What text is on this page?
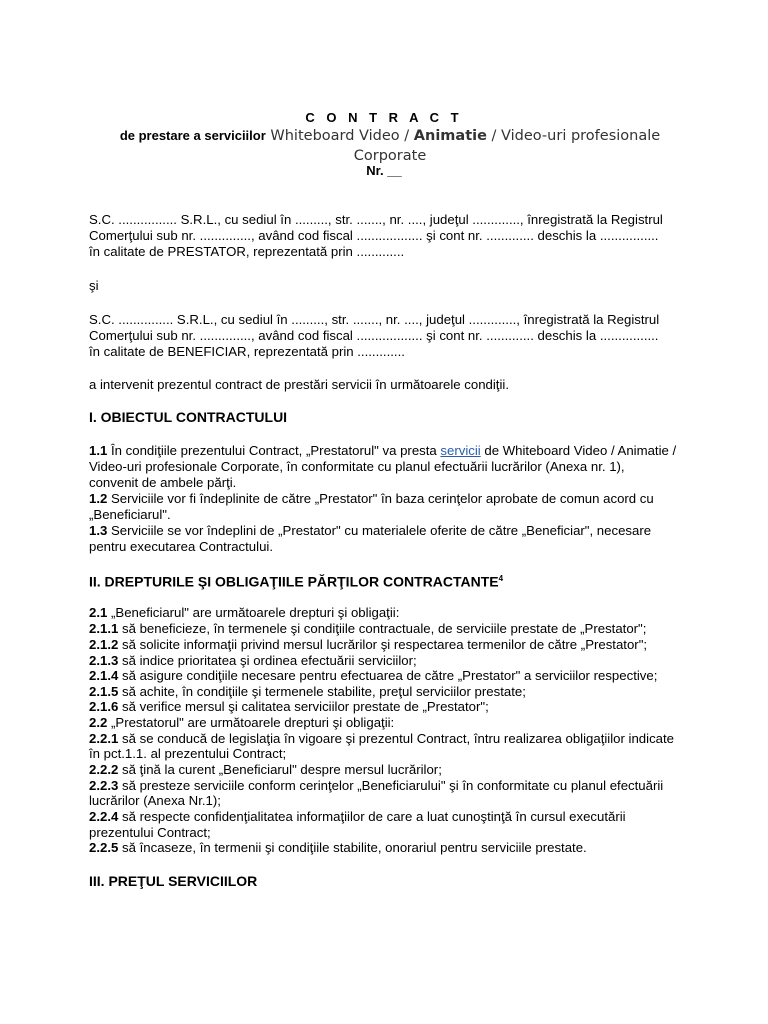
C O N T R A C T
de prestare a serviciilor Whiteboard Video / Animatie / Video-uri profesionale
Corporate
Nr. __
S.C. ................ S.R.L., cu sediul în ........., str. ......., nr. ...., judeţul ............., înregistrată la Registrul
Comerţului sub nr. .............., având cod fiscal .................. şi cont nr. ............. deschis la ................
în calitate de PRESTATOR, reprezentată prin .............
şi
S.C. ............... S.R.L., cu sediul în ........., str. ......., nr. ...., judeţul ............., înregistrată la Registrul
Comerţului sub nr. .............., având cod fiscal .................. şi cont nr. ............. deschis la ................
în calitate de BENEFICIAR, reprezentată prin .............
a intervenit prezentul contract de prestări servicii în următoarele condiţii.
I. OBIECTUL CONTRACTULUI
1.1 În condiţiile prezentului Contract, „Prestatorul" va presta servicii de Whiteboard Video / Animatie /
Video-uri profesionale Corporate, în conformitate cu planul efectuării lucrărilor (Anexa nr. 1),
convenit de ambele părţi.
1.2 Serviciile vor fi îndeplinite de către „Prestator" în baza cerinţelor aprobate de comun acord cu
„Beneficiarul".
1.3 Serviciile se vor îndeplini de „Prestator" cu materialele oferite de către „Beneficiar", necesare
pentru executarea Contractului.
II. DREPTURILE ŞI OBLIGAŢIILE PĂRŢILOR CONTRACTANTE$^4$
2.1 „Beneficiarul" are următoarele drepturi şi obligaţii:
2.1.1 să beneficieze, în termenele şi condiţiile contractuale, de serviciile prestate de „Prestator";
2.1.2 să solicite informaţii privind mersul lucrărilor şi respectarea termenilor de către „Prestator";
2.1.3 să indice prioritatea şi ordinea efectuării serviciilor;
2.1.4 să asigure condiţiile necesare pentru efectuarea de către „Prestator" a serviciilor respective;
2.1.5 să achite, în condiţiile şi termenele stabilite, preţul serviciilor prestate;
2.1.6 să verifice mersul şi calitatea serviciilor prestate de „Prestator";
2.2 „Prestatorul" are următoarele drepturi şi obligaţii:
2.2.1 să se conducă de legislaţia în vigoare şi prezentul Contract, întru realizarea obligaţiilor indicate
în pct.1.1. al prezentului Contract;
2.2.2 să ţină la curent „Beneficiarul" despre mersul lucrărilor;
2.2.3 să presteze serviciile conform cerinţelor „Beneficiarului" şi în conformitate cu planul efectuării
lucrărilor (Anexa Nr.1);
2.2.4 să respecte confidenţialitatea informaţiilor de care a luat cunoştinţă în cursul executării
prezentului Contract;
2.2.5 să încaseze, în termenii şi condiţiile stabilite, onorariul pentru serviciile prestate.
III. PREŢUL SERVICIILOR
